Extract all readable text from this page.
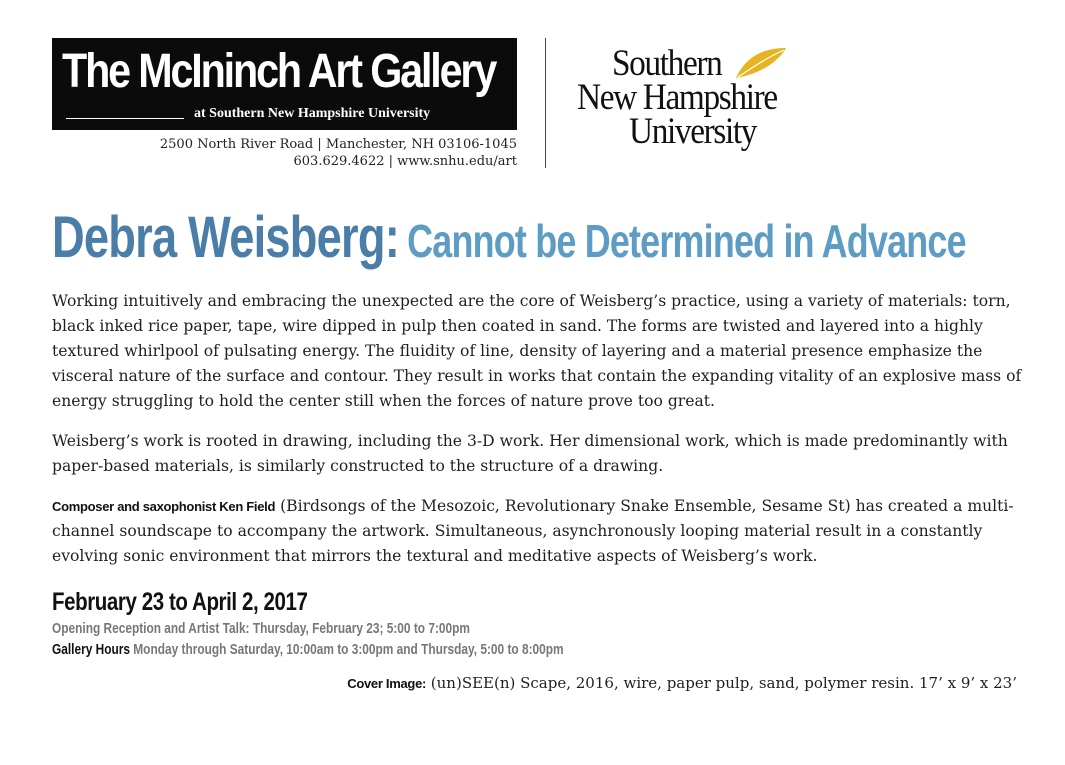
The McIninch Art Gallery
at Southern New Hampshire University
2500 North River Road | Manchester, NH 03106-1045
603.629.4622 | www.snhu.edu/art
Southern
New Hampshire
University
Debra Weisberg: Cannot be Determined in Advance
Working intuitively and embracing the unexpected are the core of Weisberg’s practice, using a variety of materials: torn, black inked rice paper, tape, wire dipped in pulp then coated in sand. The forms are twisted and layered into a highly textured whirlpool of pulsating energy. The fluidity of line, density of layering and a material presence emphasize the visceral nature of the surface and contour. They result in works that contain the expanding vitality of an explosive mass of energy struggling to hold the center still when the forces of nature prove too great.
Weisberg’s work is rooted in drawing, including the 3-D work. Her dimensional work, which is made predominantly with paper-based materials, is similarly constructed to the structure of a drawing.
Composer and saxophonist Ken Field (Birdsongs of the Mesozoic, Revolutionary Snake Ensemble, Sesame St) has created a multi-channel soundscape to accompany the artwork. Simultaneous, asynchronously looping material result in a constantly evolving sonic environment that mirrors the textural and meditative aspects of Weisberg’s work.
February 23 to April 2, 2017
Opening Reception and Artist Talk: Thursday, February 23; 5:00 to 7:00pm
Gallery Hours Monday through Saturday, 10:00am to 3:00pm and Thursday, 5:00 to 8:00pm
Cover Image: (un)SEE(n) Scape, 2016, wire, paper pulp, sand, polymer resin. 17’ x 9’ x 23’
